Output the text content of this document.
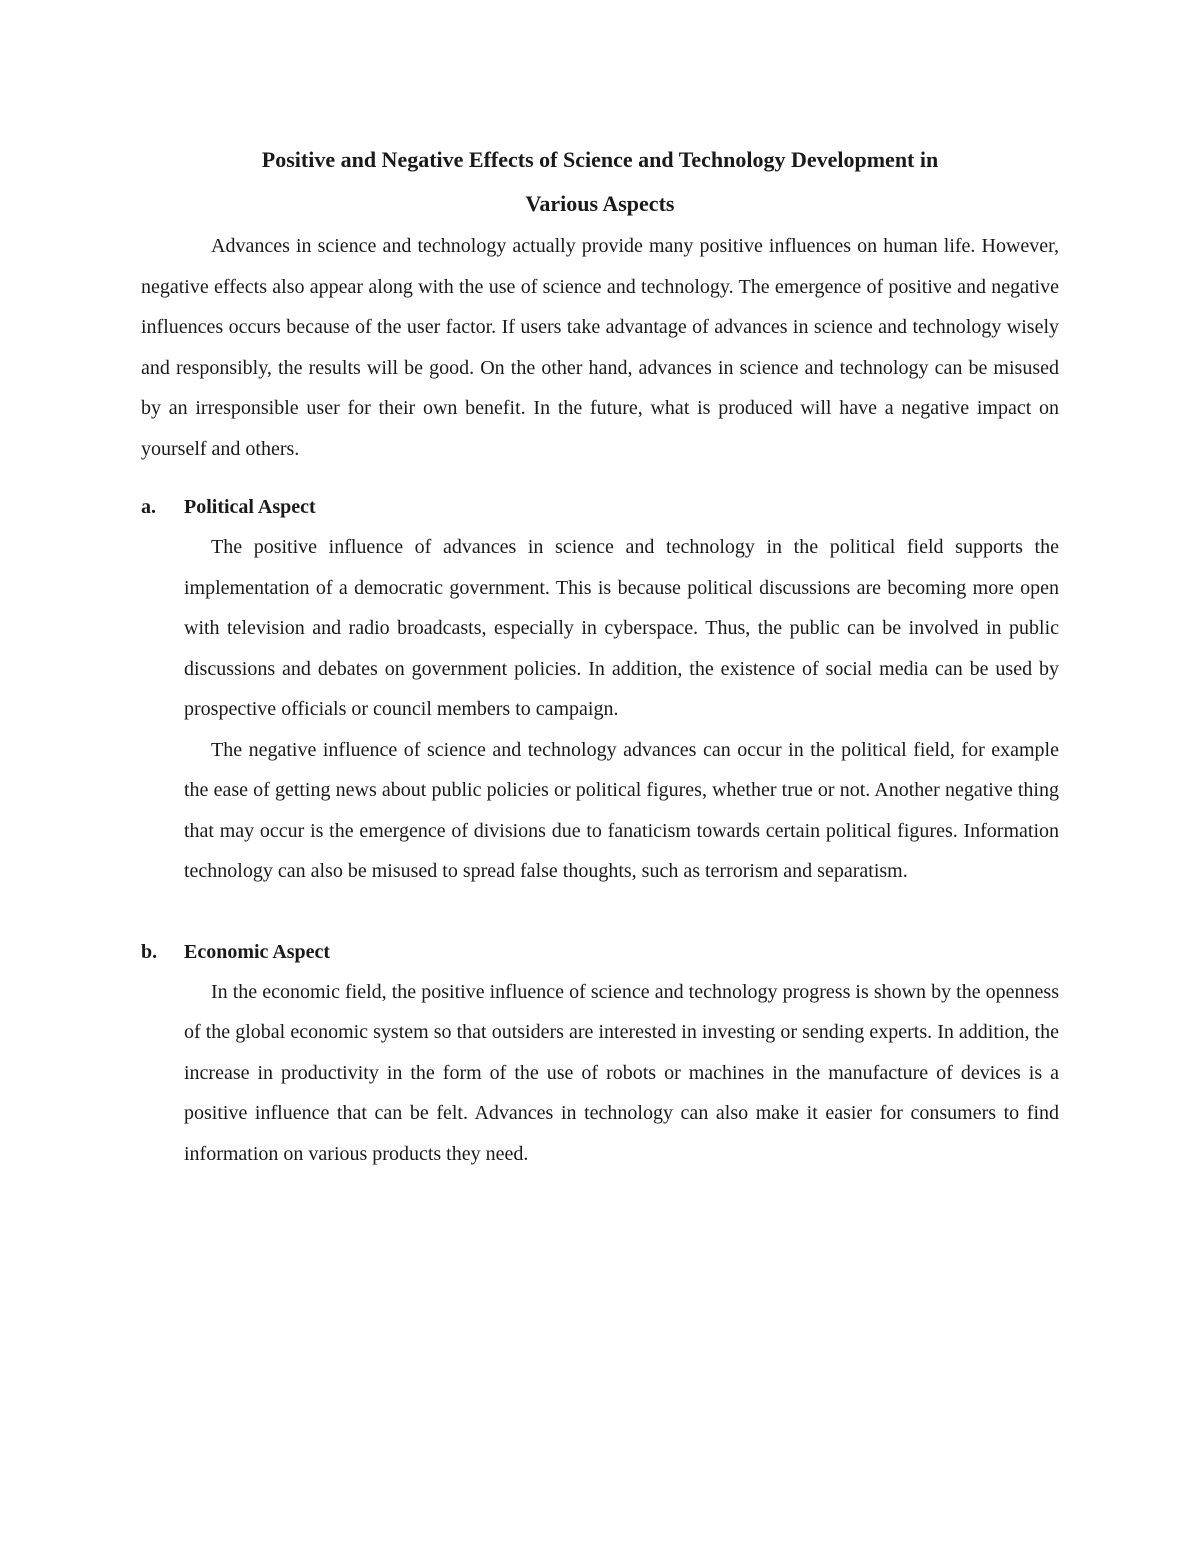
Positive and Negative Effects of Science and Technology Development in
Various Aspects

Advances in science and technology actually provide many positive influences on human life. However, negative effects also appear along with the use of science and technology. The emergence of positive and negative influences occurs because of the user factor. If users take advantage of advances in science and technology wisely and responsibly, the results will be good. On the other hand, advances in science and technology can be misused by an irresponsible user for their own benefit. In the future, what is produced will have a negative impact on yourself and others.

a.	Political Aspect

The positive influence of advances in science and technology in the political field supports the implementation of a democratic government. This is because political discussions are becoming more open with television and radio broadcasts, especially in cyberspace. Thus, the public can be involved in public discussions and debates on government policies. In addition, the existence of social media can be used by prospective officials or council members to campaign.

The negative influence of science and technology advances can occur in the political field, for example the ease of getting news about public policies or political figures, whether true or not. Another negative thing that may occur is the emergence of divisions due to fanaticism towards certain political figures. Information technology can also be misused to spread false thoughts, such as terrorism and separatism.

b.	Economic Aspect

In the economic field, the positive influence of science and technology progress is shown by the openness of the global economic system so that outsiders are interested in investing or sending experts. In addition, the increase in productivity in the form of the use of robots or machines in the manufacture of devices is a positive influence that can be felt. Advances in technology can also make it easier for consumers to find information on various products they need.
